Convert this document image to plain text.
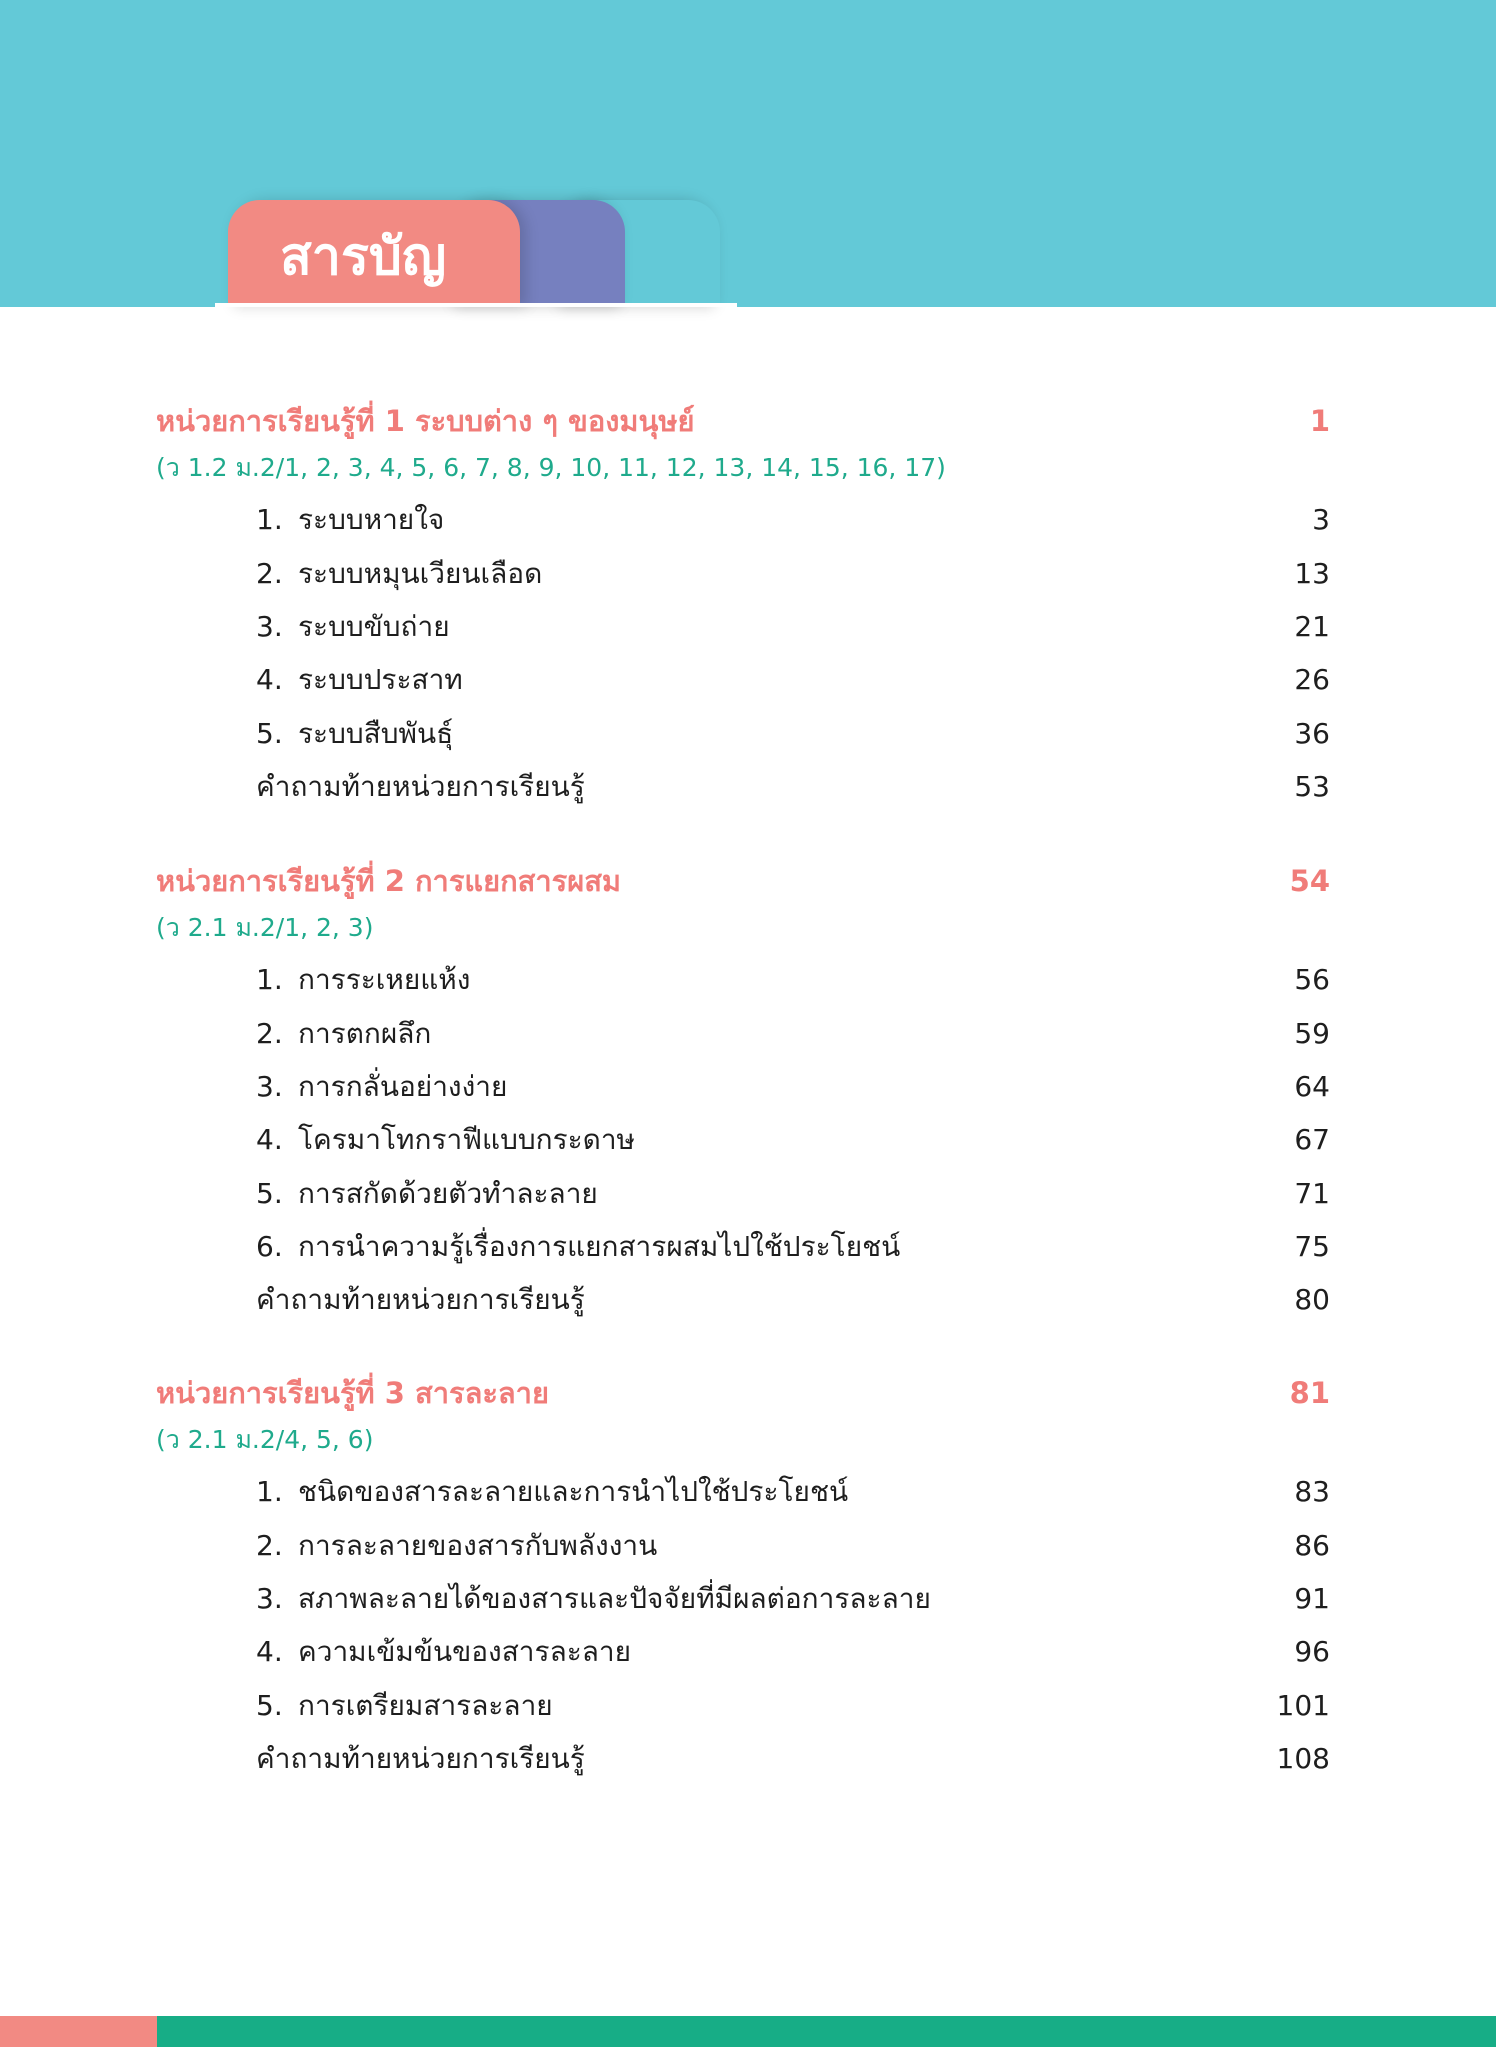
สารบัญ
หน่วยการเรียนรู้ที่ 1 ระบบต่าง ๆ ของมนุษย์	1
(ว 1.2 ม.2/1, 2, 3, 4, 5, 6, 7, 8, 9, 10, 11, 12, 13, 14, 15, 16, 17)
1. ระบบหายใจ	3
2. ระบบหมุนเวียนเลือด	13
3. ระบบขับถ่าย	21
4. ระบบประสาท	26
5. ระบบสืบพันธุ์	36
คำถามท้ายหน่วยการเรียนรู้	53
หน่วยการเรียนรู้ที่ 2 การแยกสารผสม	54
(ว 2.1 ม.2/1, 2, 3)
1. การระเหยแห้ง	56
2. การตกผลึก	59
3. การกลั่นอย่างง่าย	64
4. โครมาโทกราฟีแบบกระดาษ	67
5. การสกัดด้วยตัวทำละลาย	71
6. การนำความรู้เรื่องการแยกสารผสมไปใช้ประโยชน์	75
คำถามท้ายหน่วยการเรียนรู้	80
หน่วยการเรียนรู้ที่ 3 สารละลาย	81
(ว 2.1 ม.2/4, 5, 6)
1. ชนิดของสารละลายและการนำไปใช้ประโยชน์	83
2. การละลายของสารกับพลังงาน	86
3. สภาพละลายได้ของสารและปัจจัยที่มีผลต่อการละลาย	91
4. ความเข้มข้นของสารละลาย	96
5. การเตรียมสารละลาย	101
คำถามท้ายหน่วยการเรียนรู้	108
